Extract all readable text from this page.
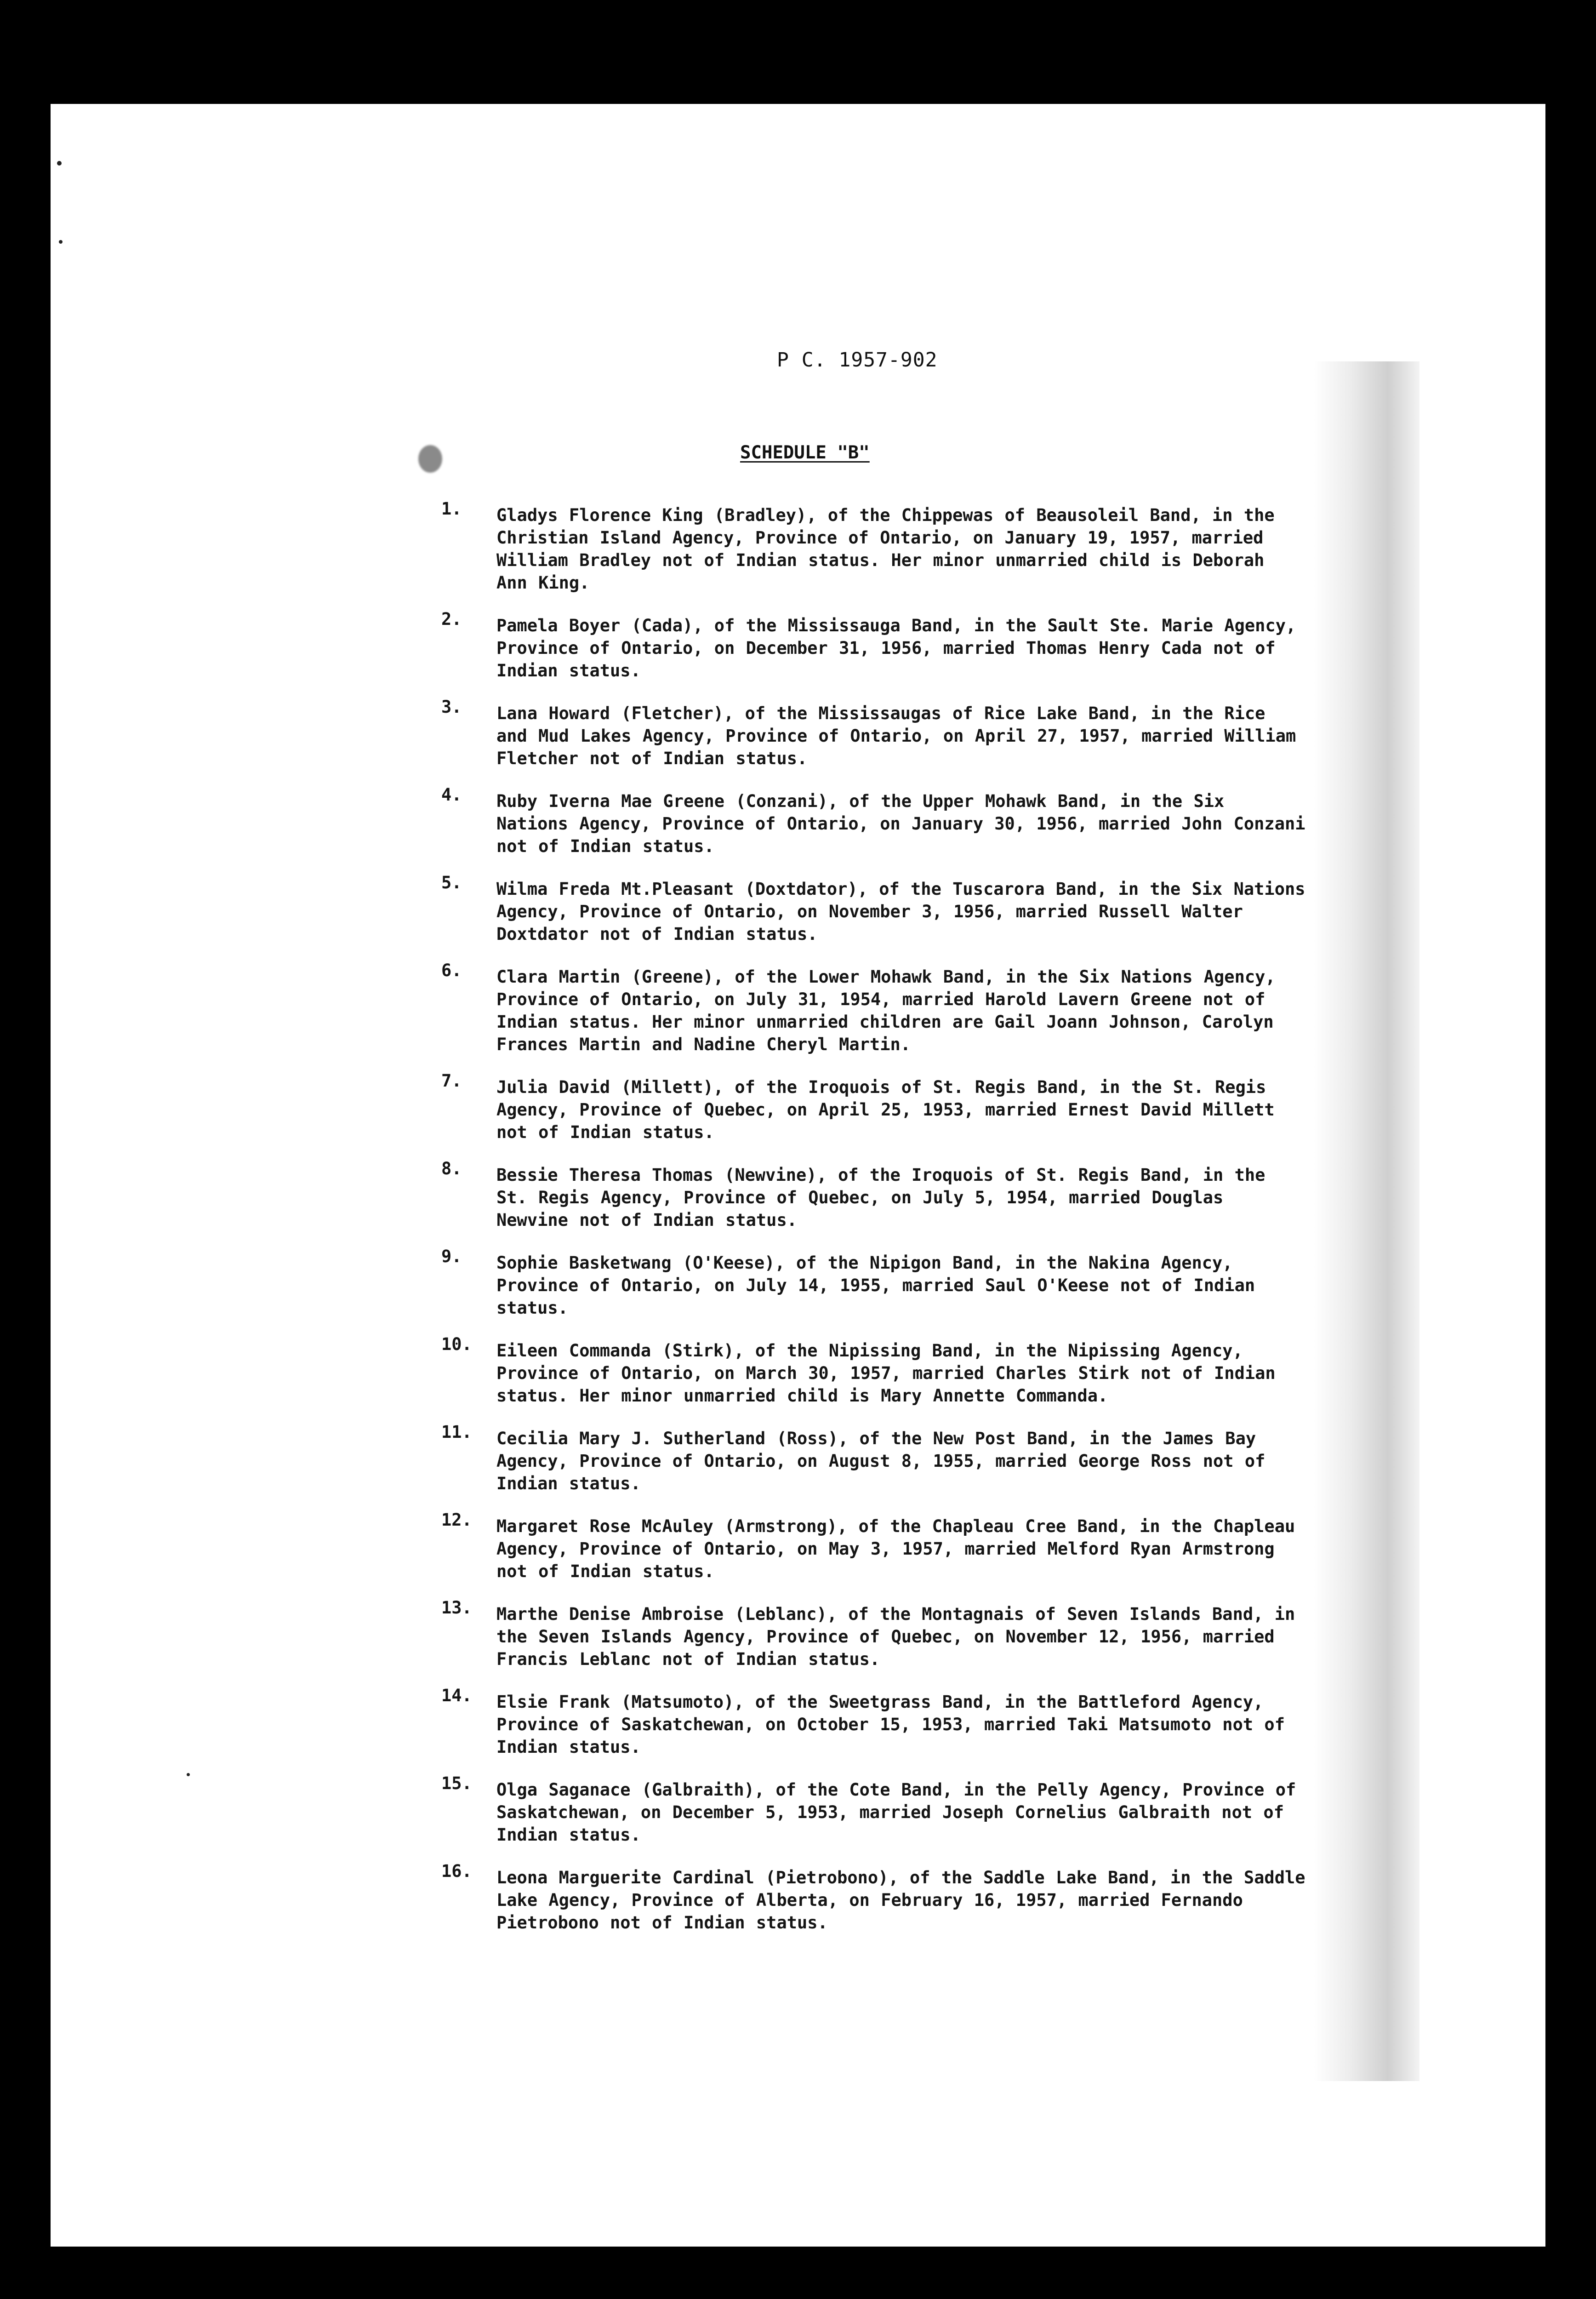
P C. 1957-902
SCHEDULE "B"
1.	Gladys Florence King (Bradley), of the Chippewas of Beausoleil Band, in the Christian Island Agency, Province of Ontario, on January 19, 1957, married William Bradley not of Indian status. Her minor unmarried child is Deborah Ann King.
2.	Pamela Boyer (Cada), of the Mississauga Band, in the Sault Ste. Marie Agency, Province of Ontario, on December 31, 1956, married Thomas Henry Cada not of Indian status.
3.	Lana Howard (Fletcher), of the Mississaugas of Rice Lake Band, in the Rice and Mud Lakes Agency, Province of Ontario, on April 27, 1957, married William Fletcher not of Indian status.
4.	Ruby Iverna Mae Greene (Conzani), of the Upper Mohawk Band, in the Six Nations Agency, Province of Ontario, on January 30, 1956, married John Conzani not of Indian status.
5.	Wilma Freda Mt.Pleasant (Doxtdator), of the Tuscarora Band, in the Six Nations Agency, Province of Ontario, on November 3, 1956, married Russell Walter Doxtdator not of Indian status.
6.	Clara Martin (Greene), of the Lower Mohawk Band, in the Six Nations Agency, Province of Ontario, on July 31, 1954, married Harold Lavern Greene not of Indian status. Her minor unmarried children are Gail Joann Johnson, Carolyn Frances Martin and Nadine Cheryl Martin.
7.	Julia David (Millett), of the Iroquois of St. Regis Band, in the St. Regis Agency, Province of Quebec, on April 25, 1953, married Ernest David Millett not of Indian status.
8.	Bessie Theresa Thomas (Newvine), of the Iroquois of St. Regis Band, in the St. Regis Agency, Province of Quebec, on July 5, 1954, married Douglas Newvine not of Indian status.
9.	Sophie Basketwang (O'Keese), of the Nipigon Band, in the Nakina Agency, Province of Ontario, on July 14, 1955, married Saul O'Keese not of Indian status.
10.	Eileen Commanda (Stirk), of the Nipissing Band, in the Nipissing Agency, Province of Ontario, on March 30, 1957, married Charles Stirk not of Indian status. Her minor unmarried child is Mary Annette Commanda.
11.	Cecilia Mary J. Sutherland (Ross), of the New Post Band, in the James Bay Agency, Province of Ontario, on August 8, 1955, married George Ross not of Indian status.
12.	Margaret Rose McAuley (Armstrong), of the Chapleau Cree Band, in the Chapleau Agency, Province of Ontario, on May 3, 1957, married Melford Ryan Armstrong not of Indian status.
13.	Marthe Denise Ambroise (Leblanc), of the Montagnais of Seven Islands Band, in the Seven Islands Agency, Province of Quebec, on November 12, 1956, married Francis Leblanc not of Indian status.
14.	Elsie Frank (Matsumoto), of the Sweetgrass Band, in the Battleford Agency, Province of Saskatchewan, on October 15, 1953, married Taki Matsumoto not of Indian status.
15.	Olga Saganace (Galbraith), of the Cote Band, in the Pelly Agency, Province of Saskatchewan, on December 5, 1953, married Joseph Cornelius Galbraith not of Indian status.
16.	Leona Marguerite Cardinal (Pietrobono), of the Saddle Lake Band, in the Saddle Lake Agency, Province of Alberta, on February 16, 1957, married Fernando Pietrobono not of Indian status.
